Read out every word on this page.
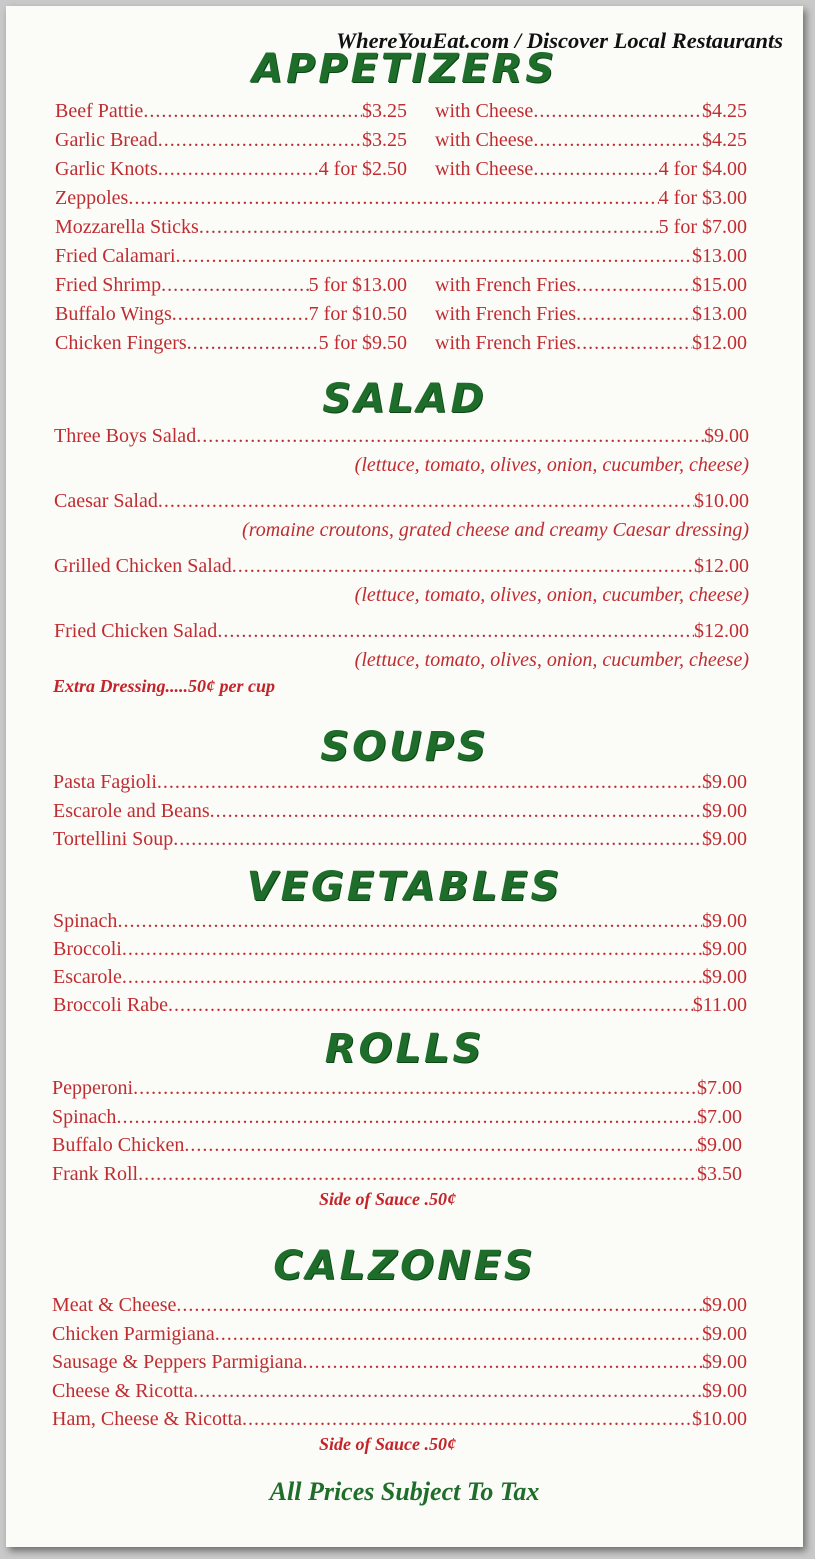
WhereYouEat.com / Discover Local Restaurants
APPETIZERS
Beef Pattie .....	$3.25 with Cheese .....	$4.25
Garlic Bread .....	$3.25 with Cheese .....	$4.25
Garlic Knots .....	4 for $2.50 with Cheese .....	4 for $4.00
Zeppoles .....	4 for $3.00
Mozzarella Sticks .....	5 for $7.00
Fried Calamari .....	$13.00
Fried Shrimp .....	5 for $13.00 with French Fries .....	$15.00
Buffalo Wings .....	7 for $10.50 with French Fries .....	$13.00
Chicken Fingers .....	5 for $9.50 with French Fries .....	$12.00
SALAD
Three Boys Salad .....	$9.00
(lettuce, tomato, olives, onion, cucumber, cheese)
Caesar Salad .....	$10.00
(romaine croutons, grated cheese and creamy Caesar dressing)
Grilled Chicken Salad .....	$12.00
(lettuce, tomato, olives, onion, cucumber, cheese)
Fried Chicken Salad .....	$12.00
(lettuce, tomato, olives, onion, cucumber, cheese)
Extra Dressing.....50¢ per cup
SOUPS
Pasta Fagioli .....	$9.00
Escarole and Beans .....	$9.00
Tortellini Soup .....	$9.00
VEGETABLES
Spinach .....	$9.00
Broccoli .....	$9.00
Escarole .....	$9.00
Broccoli Rabe .....	$11.00
ROLLS
Pepperoni .....	$7.00
Spinach .....	$7.00
Buffalo Chicken .....	$9.00
Frank Roll .....	$3.50
Side of Sauce .50¢
CALZONES
Meat & Cheese .....	$9.00
Chicken Parmigiana .....	$9.00
Sausage & Peppers Parmigiana .....	$9.00
Cheese & Ricotta .....	$9.00
Ham, Cheese & Ricotta .....	$10.00
Side of Sauce .50¢
All Prices Subject To Tax
